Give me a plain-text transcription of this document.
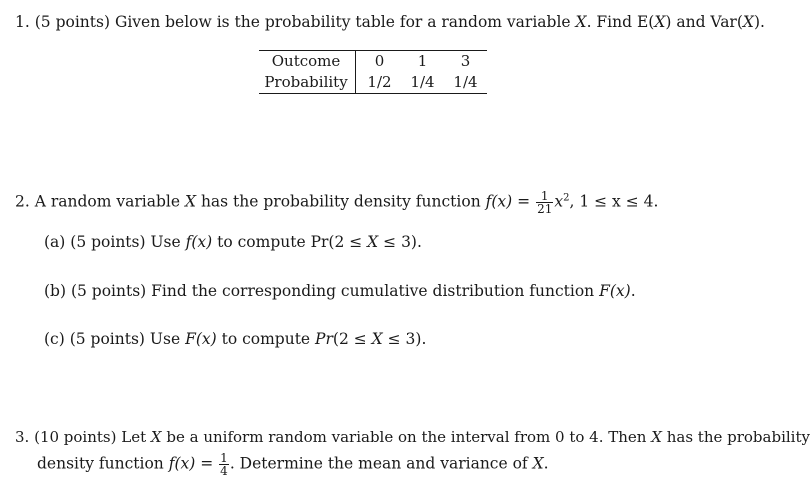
1. (5 points) Given below is the probability table for a random variable X. Find E(X) and Var(X).
Outcome	0	1	3
Probability	1/2	1/4	1/4
2. A random variable X has the probability density function $f(x) = \frac{1}{21} x^2$, 1 ≤ x ≤ 4.
(a) (5 points) Use f(x) to compute Pr(2 ≤ X ≤ 3).
(b) (5 points) Find the corresponding cumulative distribution function F(x).
(c) (5 points) Use F(x) to compute Pr(2 ≤ X ≤ 3).
3. (10 points) Let X be a uniform random variable on the interval from 0 to 4. Then X has the probability
density function $f(x) = \frac{1}{4}$ . Determine the mean and variance of X.
